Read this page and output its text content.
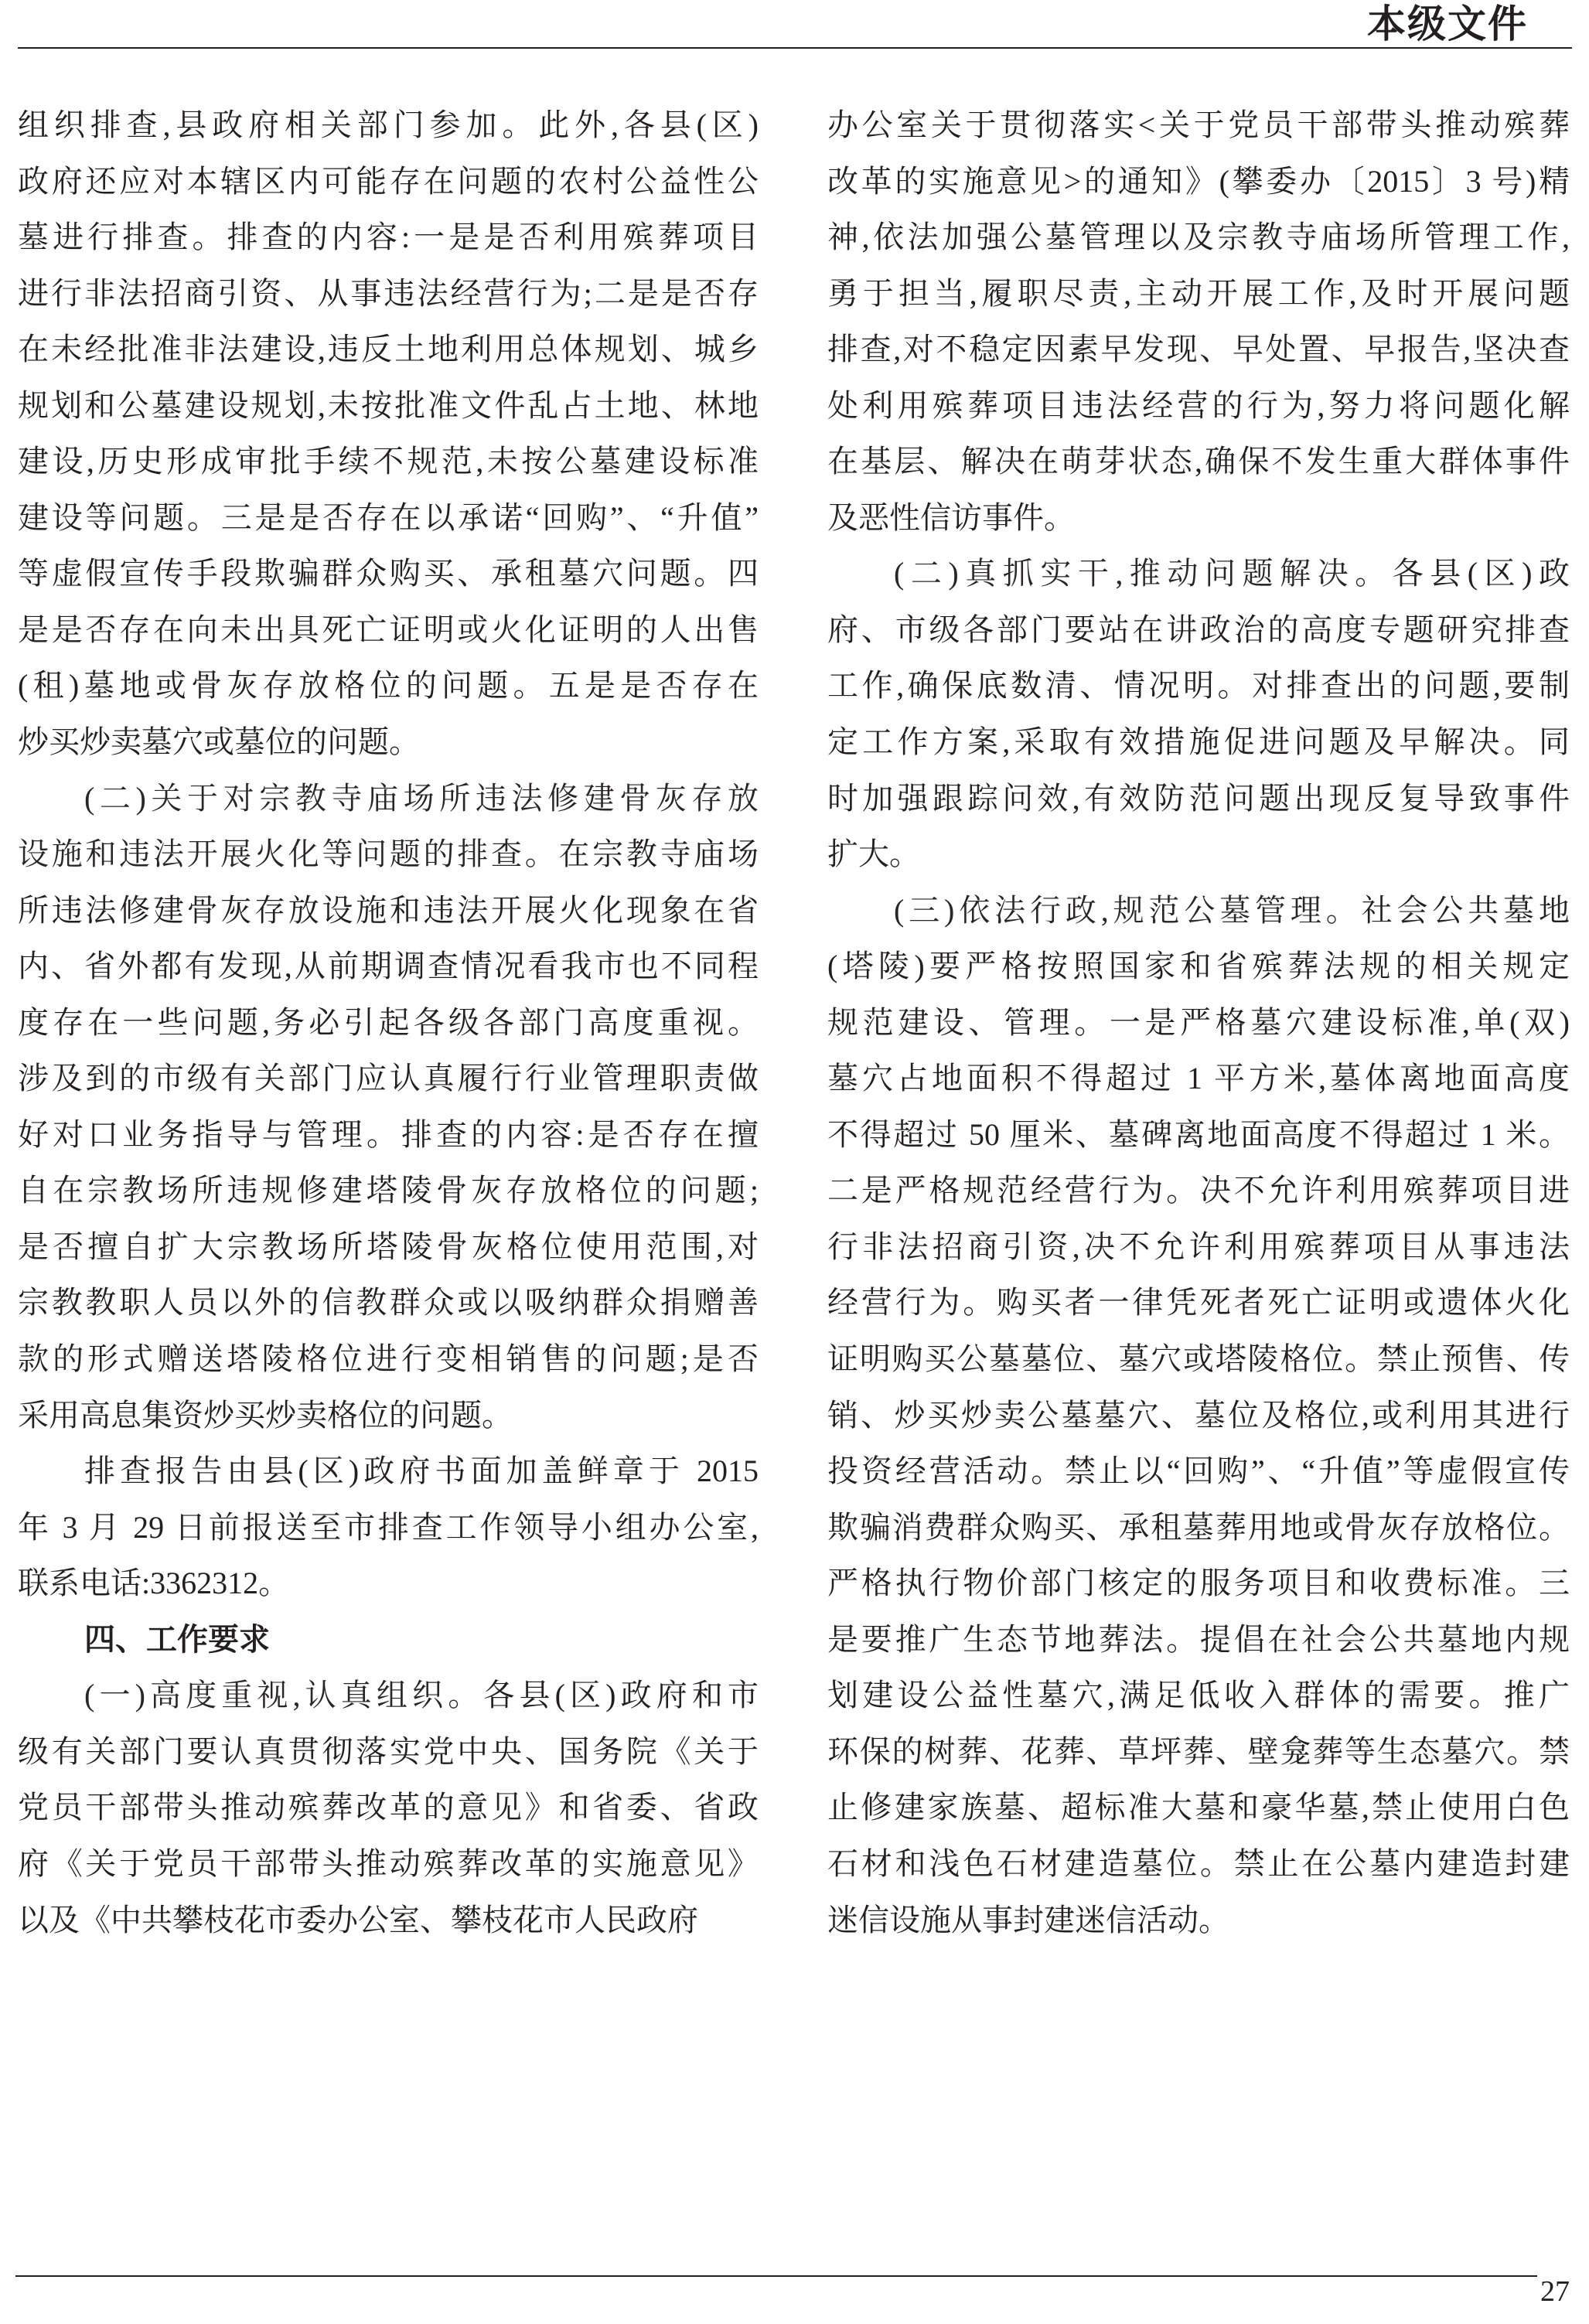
本级文件
组织排查,县政府相关部门参加。此外,各县(区)
政府还应对本辖区内可能存在问题的农村公益性公
墓进行排查。排查的内容:一是是否利用殡葬项目
进行非法招商引资、从事违法经营行为;二是是否存
在未经批准非法建设,违反土地利用总体规划、城乡
规划和公墓建设规划,未按批准文件乱占土地、林地
建设,历史形成审批手续不规范,未按公墓建设标准
建设等问题。三是是否存在以承诺“回购”、“升值”
等虚假宣传手段欺骗群众购买、承租墓穴问题。四
是是否存在向未出具死亡证明或火化证明的人出售
(租)墓地或骨灰存放格位的问题。五是是否存在
炒买炒卖墓穴或墓位的问题。
(二)关于对宗教寺庙场所违法修建骨灰存放
设施和违法开展火化等问题的排查。在宗教寺庙场
所违法修建骨灰存放设施和违法开展火化现象在省
内、省外都有发现,从前期调查情况看我市也不同程
度存在一些问题,务必引起各级各部门高度重视。
涉及到的市级有关部门应认真履行行业管理职责做
好对口业务指导与管理。排查的内容:是否存在擅
自在宗教场所违规修建塔陵骨灰存放格位的问题;
是否擅自扩大宗教场所塔陵骨灰格位使用范围,对
宗教教职人员以外的信教群众或以吸纳群众捐赠善
款的形式赠送塔陵格位进行变相销售的问题;是否
采用高息集资炒买炒卖格位的问题。
排查报告由县(区)政府书面加盖鲜章于 2015
年 3 月 29 日前报送至市排查工作领导小组办公室,
联系电话:3362312。
四、工作要求
(一)高度重视,认真组织。各县(区)政府和市
级有关部门要认真贯彻落实党中央、国务院《关于
党员干部带头推动殡葬改革的意见》和省委、省政
府《关于党员干部带头推动殡葬改革的实施意见》
以及《中共攀枝花市委办公室、攀枝花市人民政府
办公室关于贯彻落实<关于党员干部带头推动殡葬
改革的实施意见>的通知》(攀委办〔2015〕3 号)精
神,依法加强公墓管理以及宗教寺庙场所管理工作,
勇于担当,履职尽责,主动开展工作,及时开展问题
排查,对不稳定因素早发现、早处置、早报告,坚决查
处利用殡葬项目违法经营的行为,努力将问题化解
在基层、解决在萌芽状态,确保不发生重大群体事件
及恶性信访事件。
(二)真抓实干,推动问题解决。各县(区)政
府、市级各部门要站在讲政治的高度专题研究排查
工作,确保底数清、情况明。对排查出的问题,要制
定工作方案,采取有效措施促进问题及早解决。同
时加强跟踪问效,有效防范问题出现反复导致事件
扩大。
(三)依法行政,规范公墓管理。社会公共墓地
(塔陵)要严格按照国家和省殡葬法规的相关规定
规范建设、管理。一是严格墓穴建设标准,单(双)
墓穴占地面积不得超过 1 平方米,墓体离地面高度
不得超过 50 厘米、墓碑离地面高度不得超过 1 米。
二是严格规范经营行为。决不允许利用殡葬项目进
行非法招商引资,决不允许利用殡葬项目从事违法
经营行为。购买者一律凭死者死亡证明或遗体火化
证明购买公墓墓位、墓穴或塔陵格位。禁止预售、传
销、炒买炒卖公墓墓穴、墓位及格位,或利用其进行
投资经营活动。禁止以“回购”、“升值”等虚假宣传
欺骗消费群众购买、承租墓葬用地或骨灰存放格位。
严格执行物价部门核定的服务项目和收费标准。三
是要推广生态节地葬法。提倡在社会公共墓地内规
划建设公益性墓穴,满足低收入群体的需要。推广
环保的树葬、花葬、草坪葬、壁龛葬等生态墓穴。禁
止修建家族墓、超标准大墓和豪华墓,禁止使用白色
石材和浅色石材建造墓位。禁止在公墓内建造封建
迷信设施从事封建迷信活动。
27
